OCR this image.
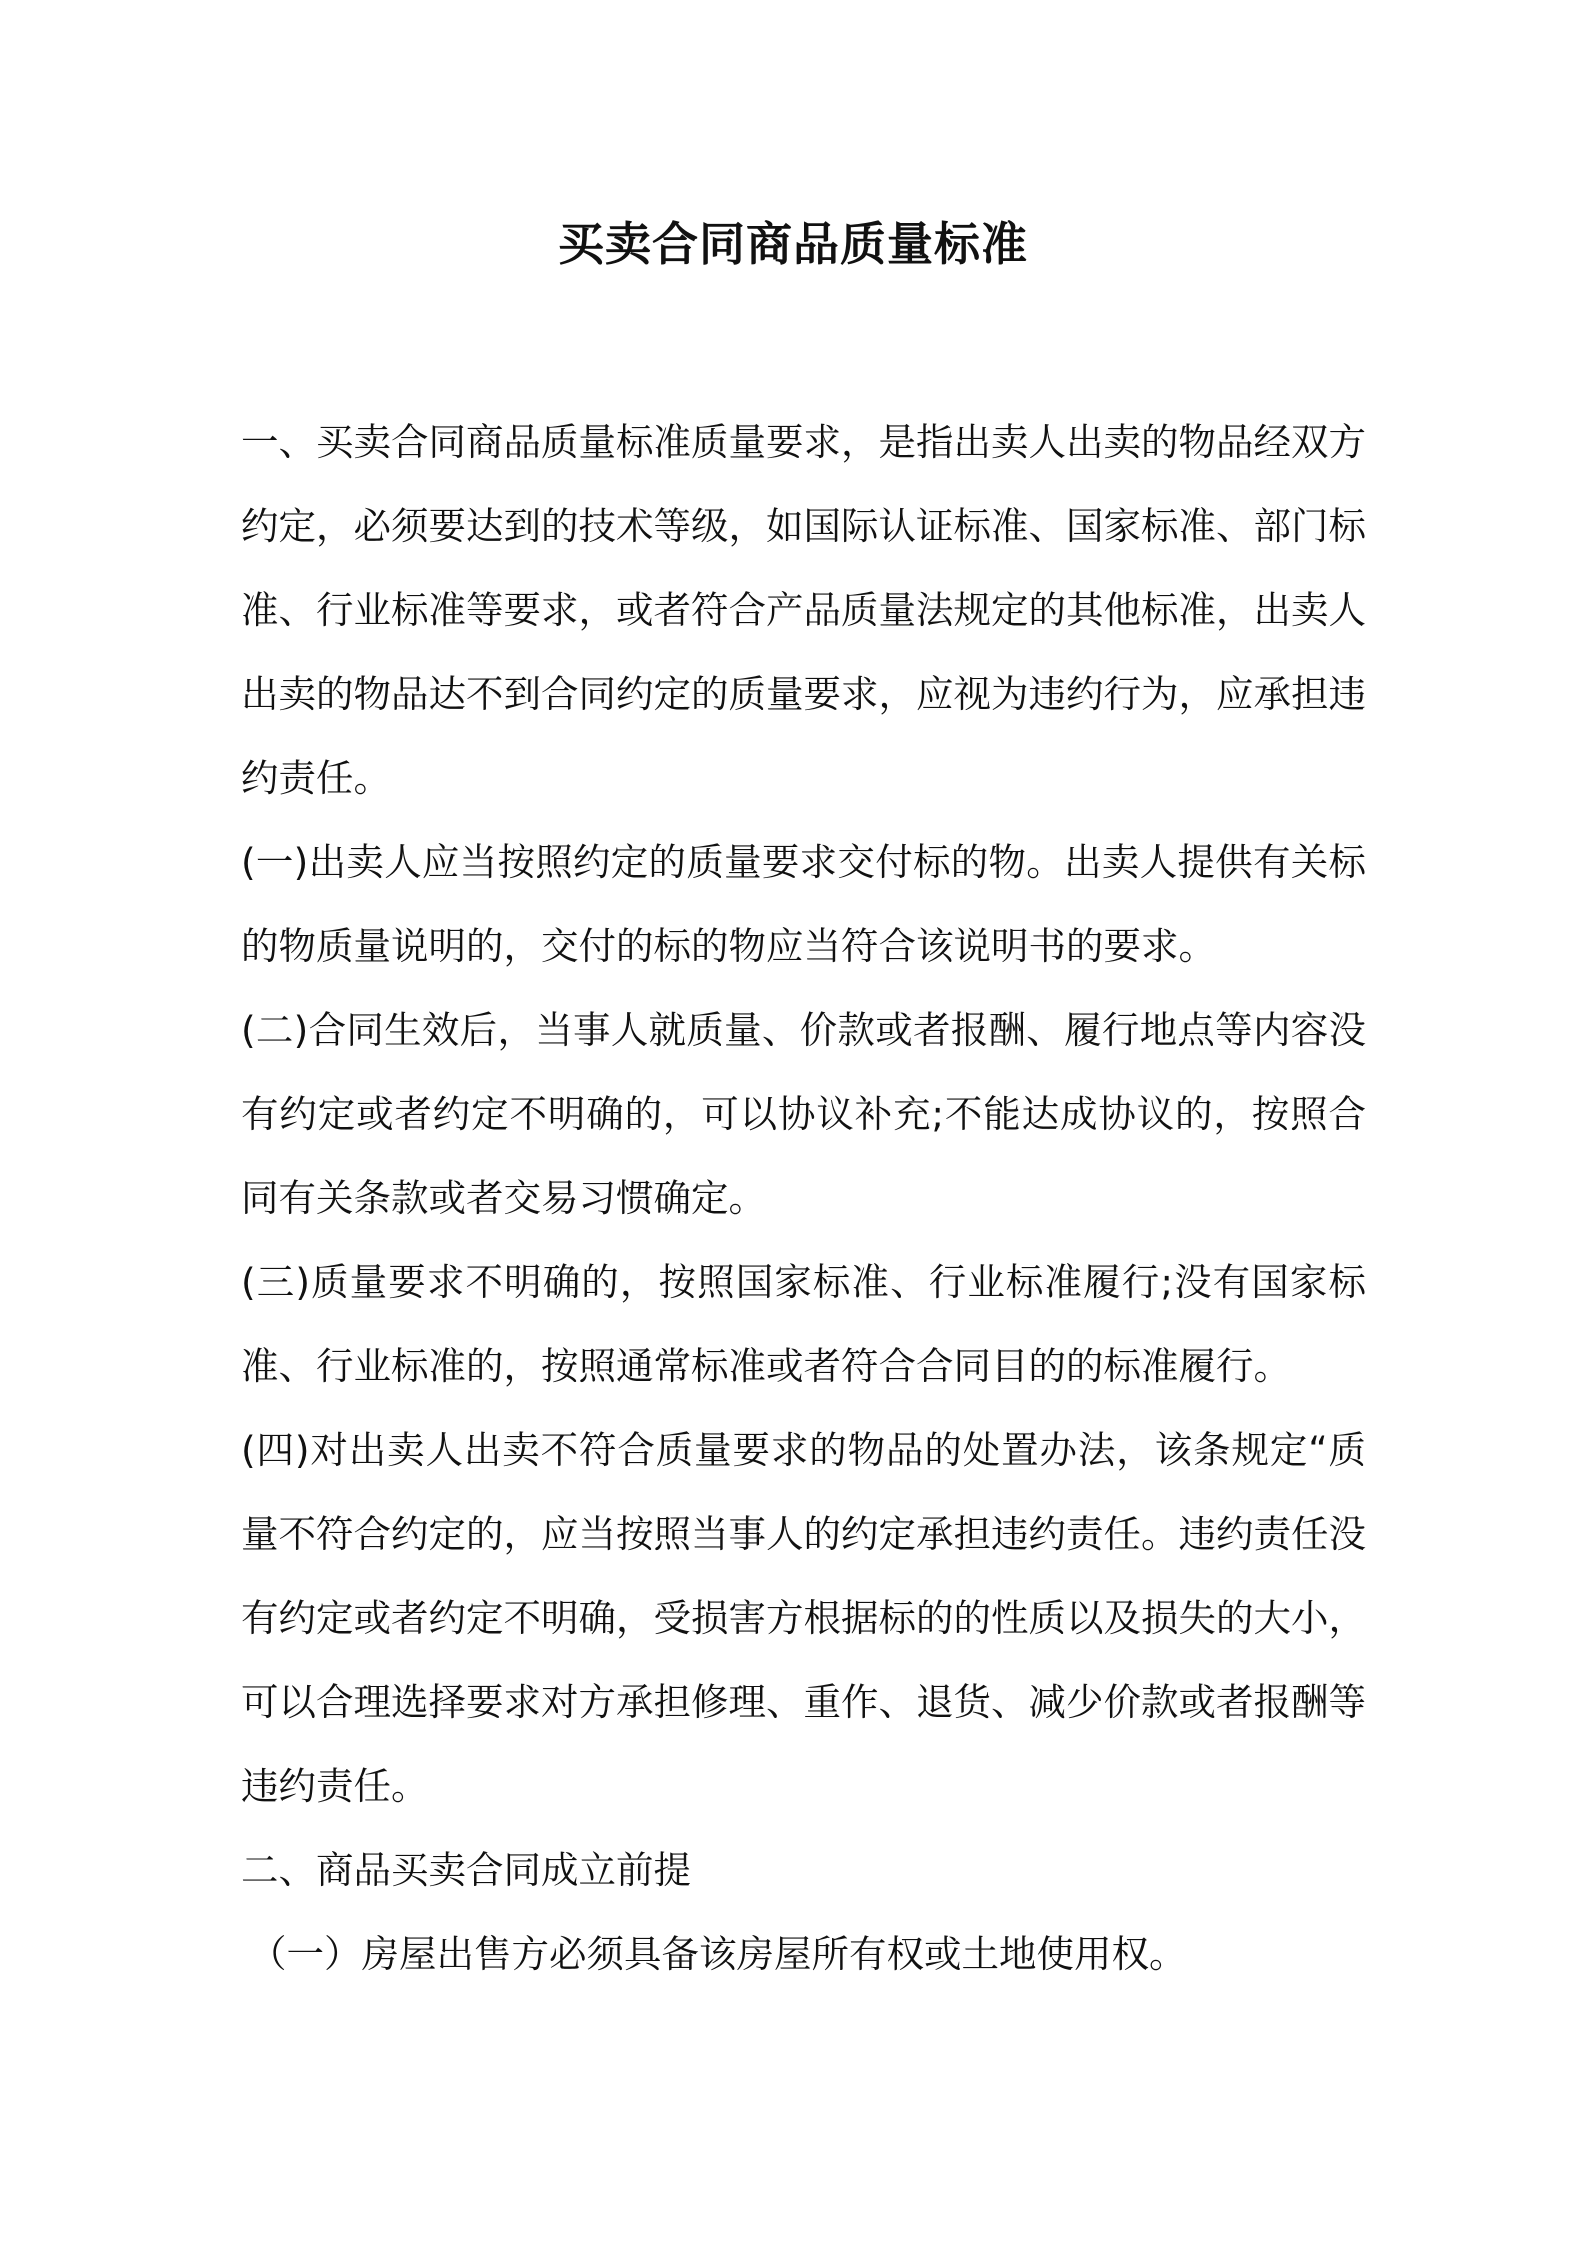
买卖合同商品质量标准

一、买卖合同商品质量标准质量要求，是指出卖人出卖的物品经双方约定，必须要达到的技术等级，如国际认证标准、国家标准、部门标准、行业标准等要求，或者符合产品质量法规定的其他标准，出卖人出卖的物品达不到合同约定的质量要求，应视为违约行为，应承担违约责任。

(一)出卖人应当按照约定的质量要求交付标的物。出卖人提供有关标的物质量说明的，交付的标的物应当符合该说明书的要求。

(二)合同生效后，当事人就质量、价款或者报酬、履行地点等内容没有约定或者约定不明确的，可以协议补充;不能达成协议的，按照合同有关条款或者交易习惯确定。

(三)质量要求不明确的，按照国家标准、行业标准履行;没有国家标准、行业标准的，按照通常标准或者符合合同目的的标准履行。

(四)对出卖人出卖不符合质量要求的物品的处置办法，该条规定“质量不符合约定的，应当按照当事人的约定承担违约责任。违约责任没有约定或者约定不明确，受损害方根据标的的性质以及损失的大小，可以合理选择要求对方承担修理、重作、退货、减少价款或者报酬等违约责任。

二、商品买卖合同成立前提

（一）房屋出售方必须具备该房屋所有权或土地使用权。
